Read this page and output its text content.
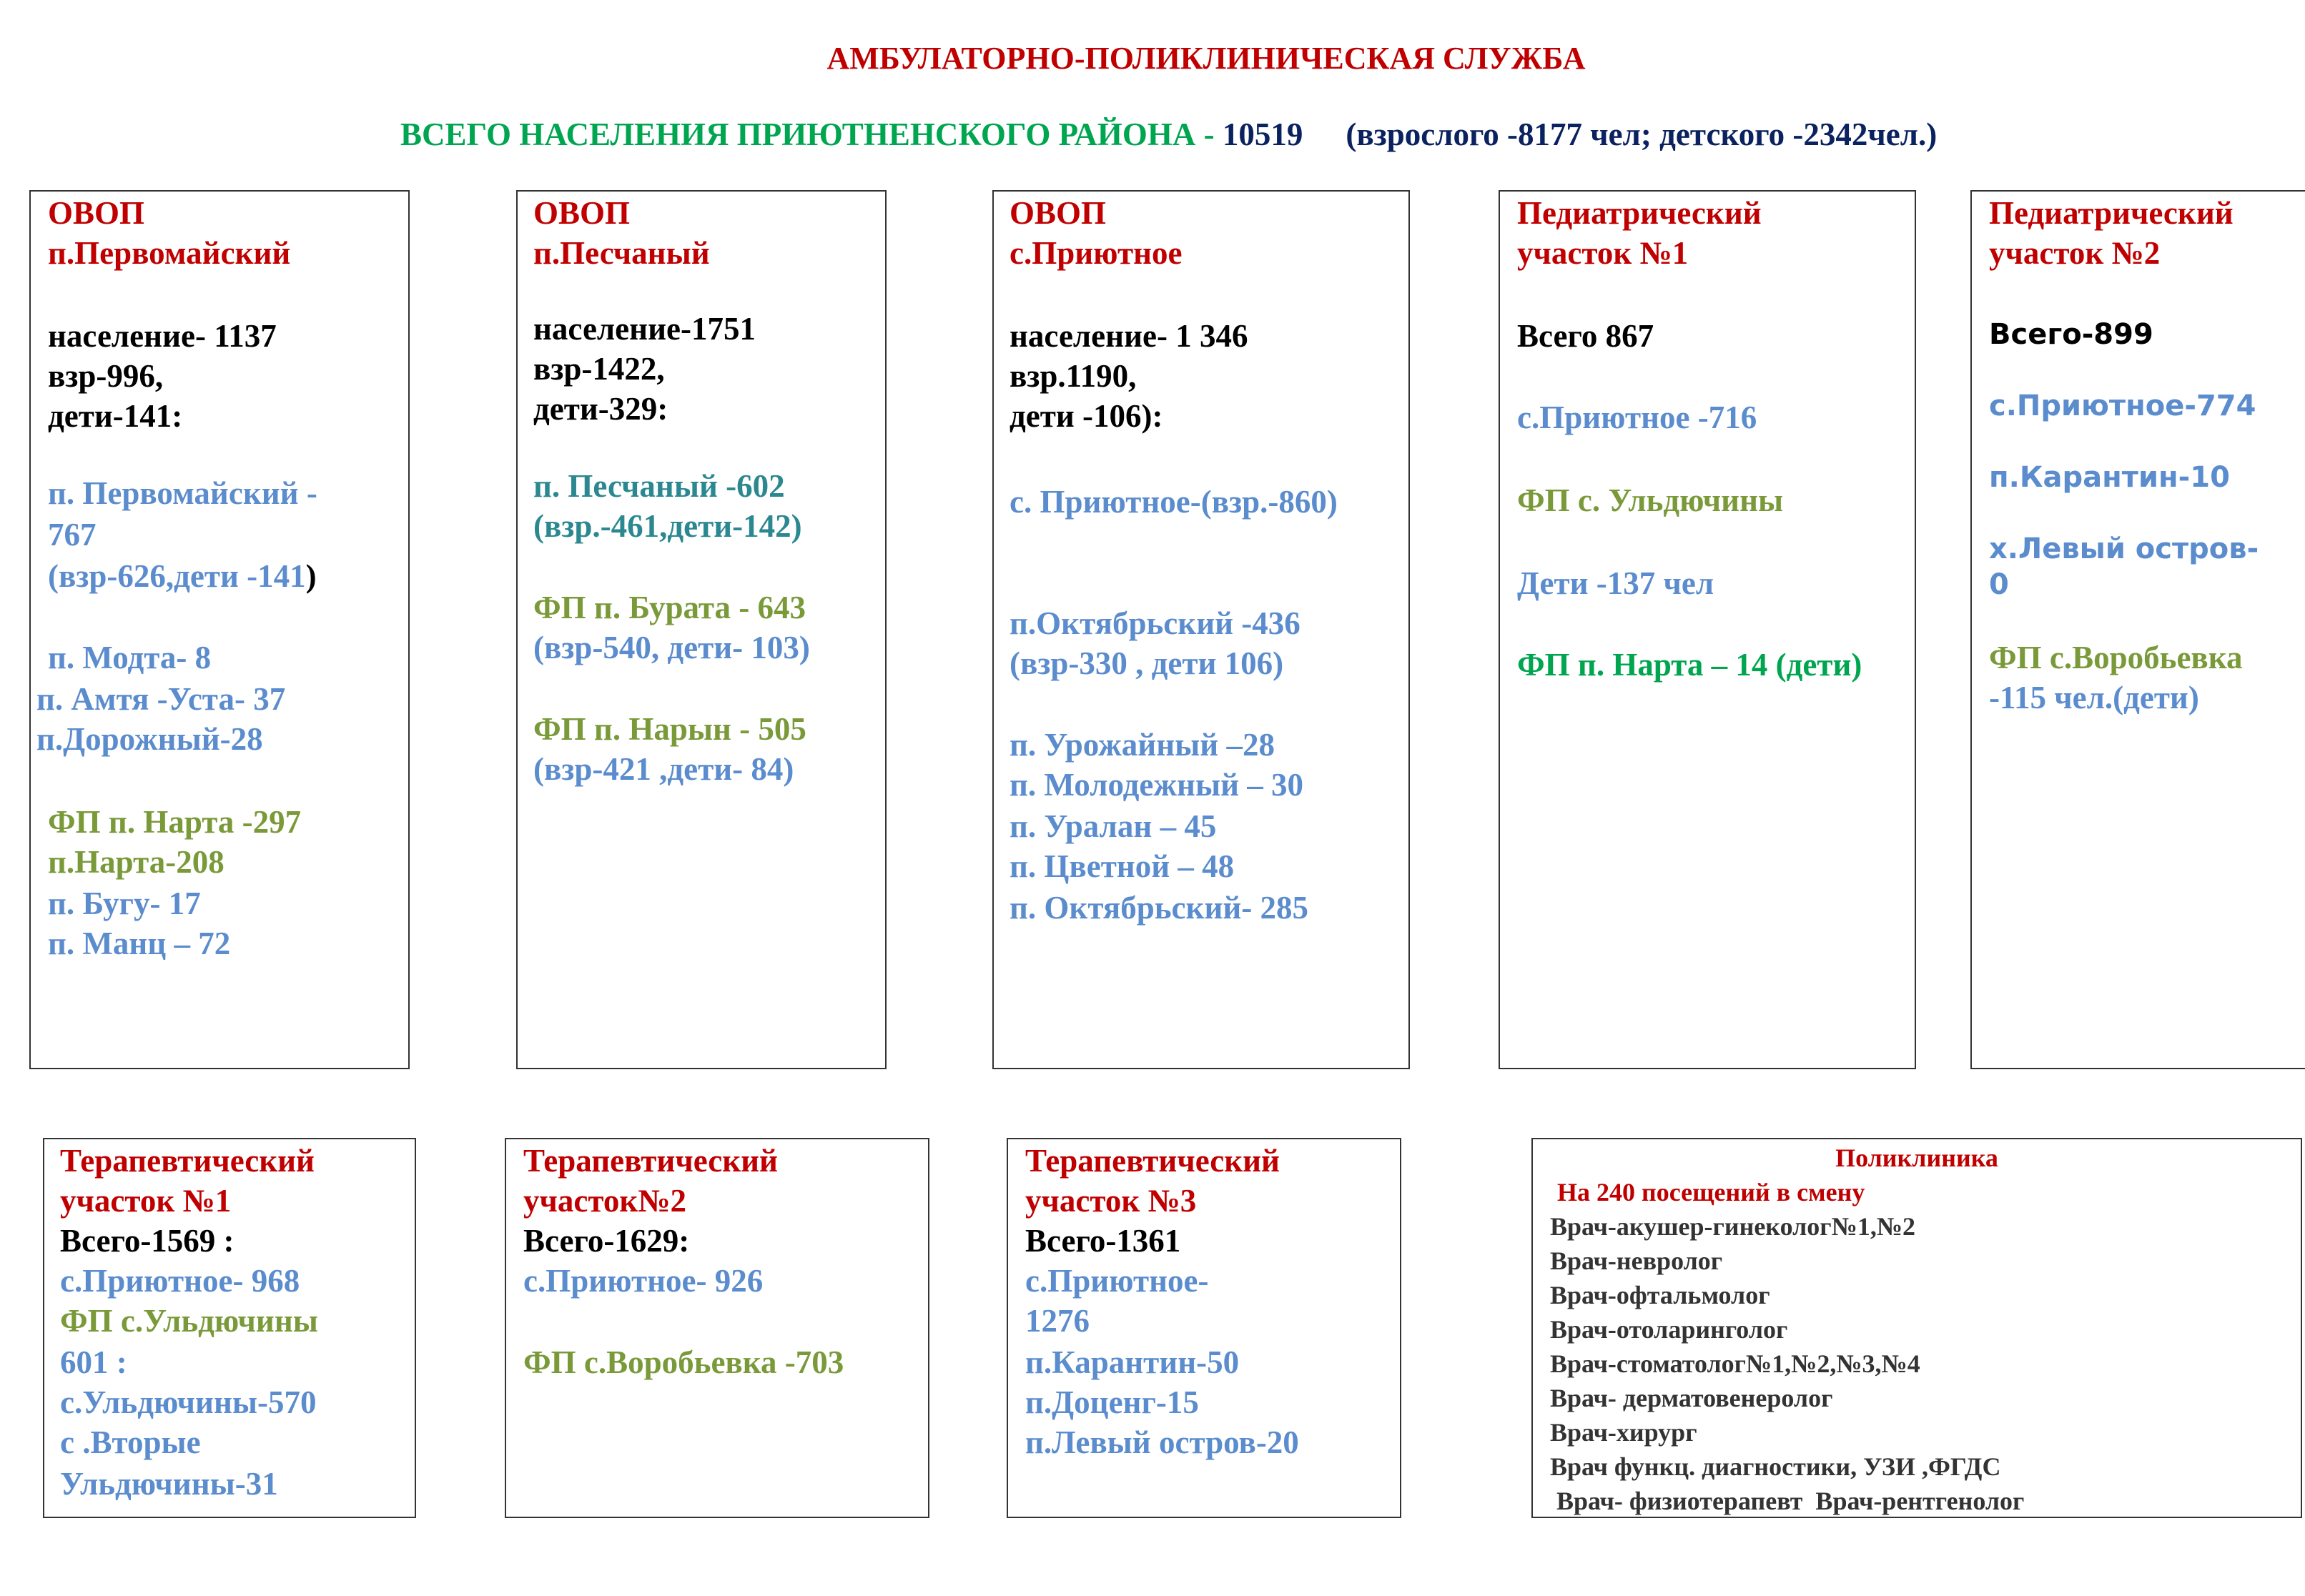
АМБУЛАТОРНО-ПОЛИКЛИНИЧЕСКАЯ СЛУЖБА
ВСЕГО НАСЕЛЕНИЯ ПРИЮТНЕНСКОГО РАЙОНА - 10519 (взрослого -8177 чел; детского -2342чел.)
ОВОП
п.Первомайский
население- 1137
взр-996,
дети-141:
п. Первомайский -
767
(взр-626,дети -141)
п. Модта- 8
п. Амтя -Уста- 37
п.Дорожный-28
ФП п. Нарта -297
п.Нарта-208
п. Бугу- 17
п. Манц – 72
ОВОП
п.Песчаный
население-1751
взр-1422,
дети-329:
п. Песчаный -602
(взр.-461,дети-142)
ФП п. Бурата - 643
(взр-540, дети- 103)
ФП п. Нарын - 505
(взр-421 ,дети- 84)
ОВОП
с.Приютное
население- 1 346
взр.1190,
дети -106):
с. Приютное-(взр.-860)
п.Октябрьский -436
(взр-330 , дети 106)
п. Урожайный –28
п. Молодежный – 30
п. Уралан – 45
п. Цветной – 48
п. Октябрьский- 285
Педиатрический
участок №1
Всего 867
с.Приютное -716
ФП с. Ульдючины
Дети -137 чел
ФП п. Нарта – 14 (дети)
Педиатрический
участок №2
Всего-899
с.Приютное-774
п.Карантин-10
х.Левый остров-
0
ФП с.Воробьевка
-115 чел.(дети)
Терапевтический
участок №1
Всего-1569 :
с.Приютное- 968
ФП с.Ульдючины
601 :
с.Ульдючины-570
с .Вторые
Ульдючины-31
Терапевтический
участок№2
Всего-1629:
с.Приютное- 926
ФП с.Воробьевка -703
Терапевтический
участок №3
Всего-1361
с.Приютное-
1276
п.Карантин-50
п.Доценг-15
п.Левый остров-20
Поликлиника
На 240 посещений в смену
Врач-акушер-гинеколог№1,№2
Врач-невролог
Врач-офтальмолог
Врач-отоларинголог
Врач-стоматолог№1,№2,№3,№4
Врач- дерматовенеролог
Врач-хирург
Врач функц. диагностики, УЗИ ,ФГДС
Врач- физиотерапевт  Врач-рентгенолог
